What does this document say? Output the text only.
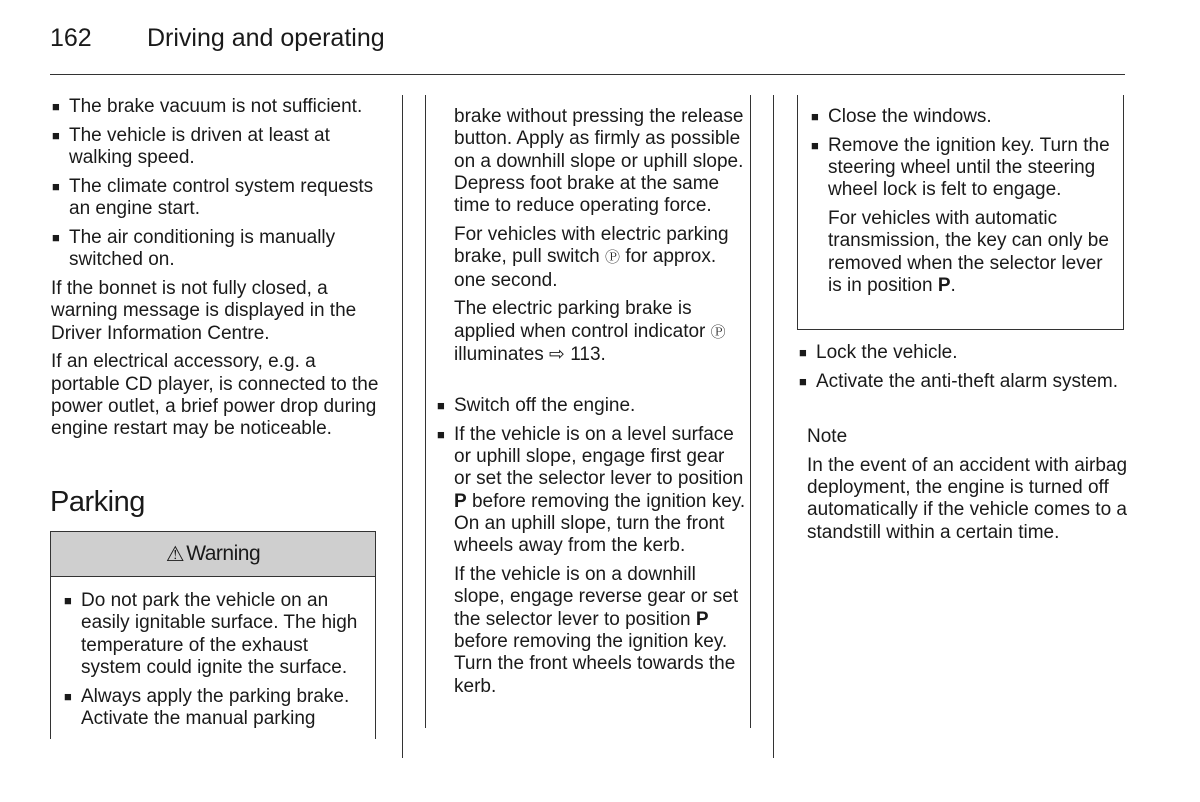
162 Driving and operating
■ The brake vacuum is not sufficient.
■ The vehicle is driven at least at walking speed.
■ The climate control system requests an engine start.
■ The air conditioning is manually switched on.

If the bonnet is not fully closed, a warning message is displayed in the Driver Information Centre.

If an electrical accessory, e.g. a portable CD player, is connected to the power outlet, a brief power drop during engine restart may be noticeable.

Parking
⚠ Warning
■ Do not park the vehicle on an easily ignitable surface. The high temperature of the exhaust system could ignite the surface.
■ Always apply the parking brake. Activate the manual parking

brake without pressing the release button. Apply as firmly as possible on a downhill slope or uphill slope. Depress foot brake at the same time to reduce operating force.

For vehicles with electric parking brake, pull switch Ⓟ for approx. one second.

The electric parking brake is applied when control indicator Ⓟ illuminates ⇨ 113.

■ Switch off the engine.
■ If the vehicle is on a level surface or uphill slope, engage first gear or set the selector lever to position P before removing the ignition key. On an uphill slope, turn the front wheels away from the kerb.

If the vehicle is on a downhill slope, engage reverse gear or set the selector lever to position P before removing the ignition key. Turn the front wheels towards the kerb.

■ Close the windows.
■ Remove the ignition key. Turn the steering wheel until the steering wheel lock is felt to engage.

For vehicles with automatic transmission, the key can only be removed when the selector lever is in position P.

■ Lock the vehicle.
■ Activate the anti-theft alarm system.

Note

In the event of an accident with airbag deployment, the engine is turned off automatically if the vehicle comes to a standstill within a certain time.
